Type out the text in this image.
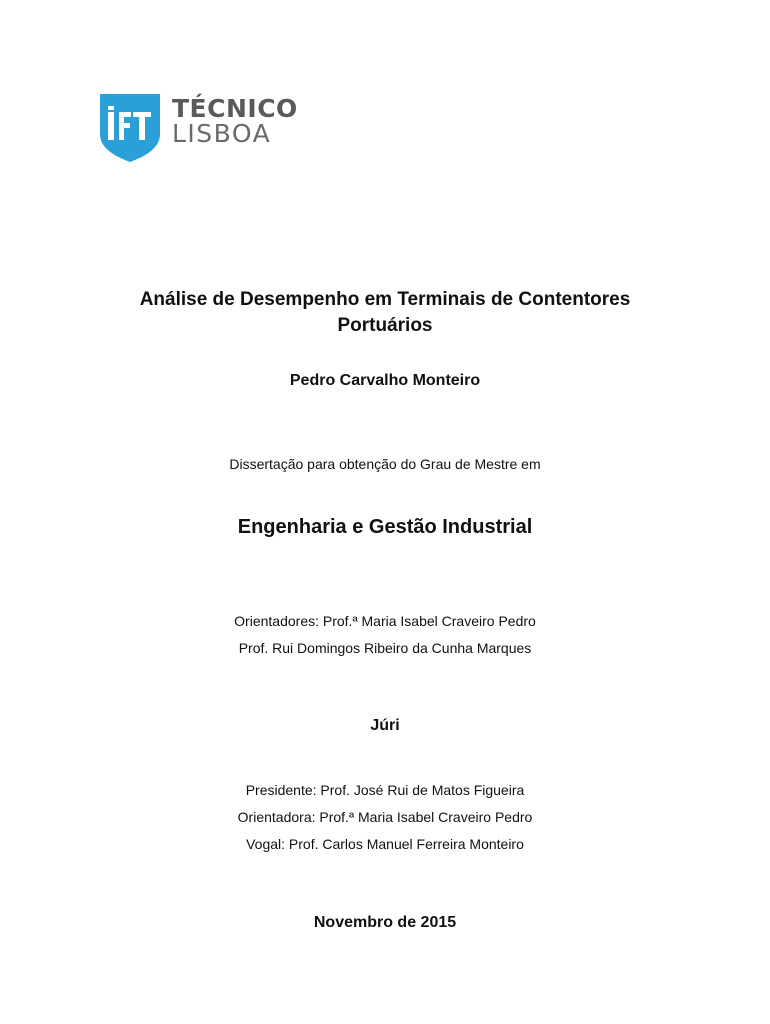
TÉCNICO
LISBOA
Análise de Desempenho em Terminais de Contentores
Portuários
Pedro Carvalho Monteiro
Dissertação para obtenção do Grau de Mestre em
Engenharia e Gestão Industrial
Orientadores: Prof.ª Maria Isabel Craveiro Pedro
Prof. Rui Domingos Ribeiro da Cunha Marques
Júri
Presidente: Prof. José Rui de Matos Figueira
Orientadora: Prof.ª Maria Isabel Craveiro Pedro
Vogal: Prof. Carlos Manuel Ferreira Monteiro
Novembro de 2015
